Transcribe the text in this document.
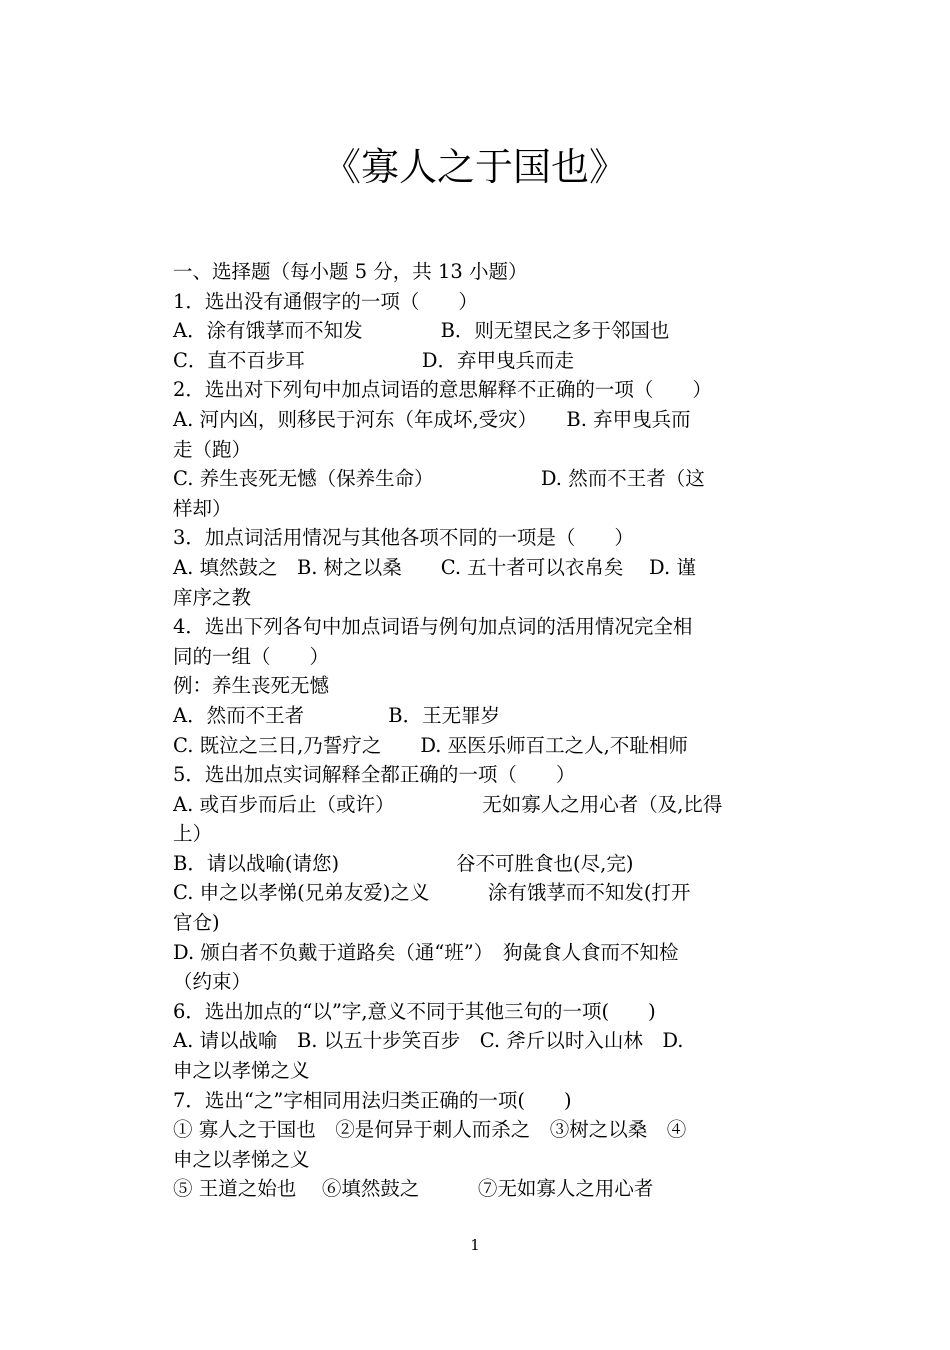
《寡人之于国也》
一、选择题（每小题 5 分，共 13 小题）
1．选出没有通假字的一项（　　）
A．涂有饿莩而不知发　　　　B．则无望民之多于邻国也
C．直不百步耳　　　　　　D．弃甲曳兵而走
2．选出对下列句中加点词语的意思解释不正确的一项（　　）
A. 河内凶，则移民于河东（年成坏,受灾）　　B. 弃甲曳兵而
走（跑）
C. 养生丧死无憾（保养生命）　　　　　　D. 然而不王者（这
样却）
3．加点词活用情况与其他各项不同的一项是（　　）
A. 填然鼓之　B. 树之以桑　　C. 五十者可以衣帛矣　 D. 谨
庠序之教
4．选出下列各句中加点词语与例句加点词的活用情况完全相
同的一组（　　）
例：养生丧死无憾
A．然而不王者　　　　 B．王无罪岁
C. 既泣之三日,乃誓疗之　　D. 巫医乐师百工之人,不耻相师
5．选出加点实词解释全都正确的一项（　　）
A. 或百步而后止（或许）　　　　　无如寡人之用心者（及,比得
上）
B．请以战喻(请您)　　　　　　谷不可胜食也(尽,完)
C. 申之以孝悌(兄弟友爱)之义　　　涂有饿莩而不知发(打开
官仓)
D. 颁白者不负戴于道路矣（通“班”）　狗彘食人食而不知检
（约束）
6．选出加点的“以”字,意义不同于其他三句的一项(　　)
A. 请以战喻　B. 以五十步笑百步　C. 斧斤以时入山林　D.
申之以孝悌之义
7．选出“之”字相同用法归类正确的一项(　　)
① 寡人之于国也　②是何异于刺人而杀之　③树之以桑　④
申之以孝悌之义
⑤ 王道之始也　 ⑥填然鼓之　　　⑦无如寡人之用心者
1
